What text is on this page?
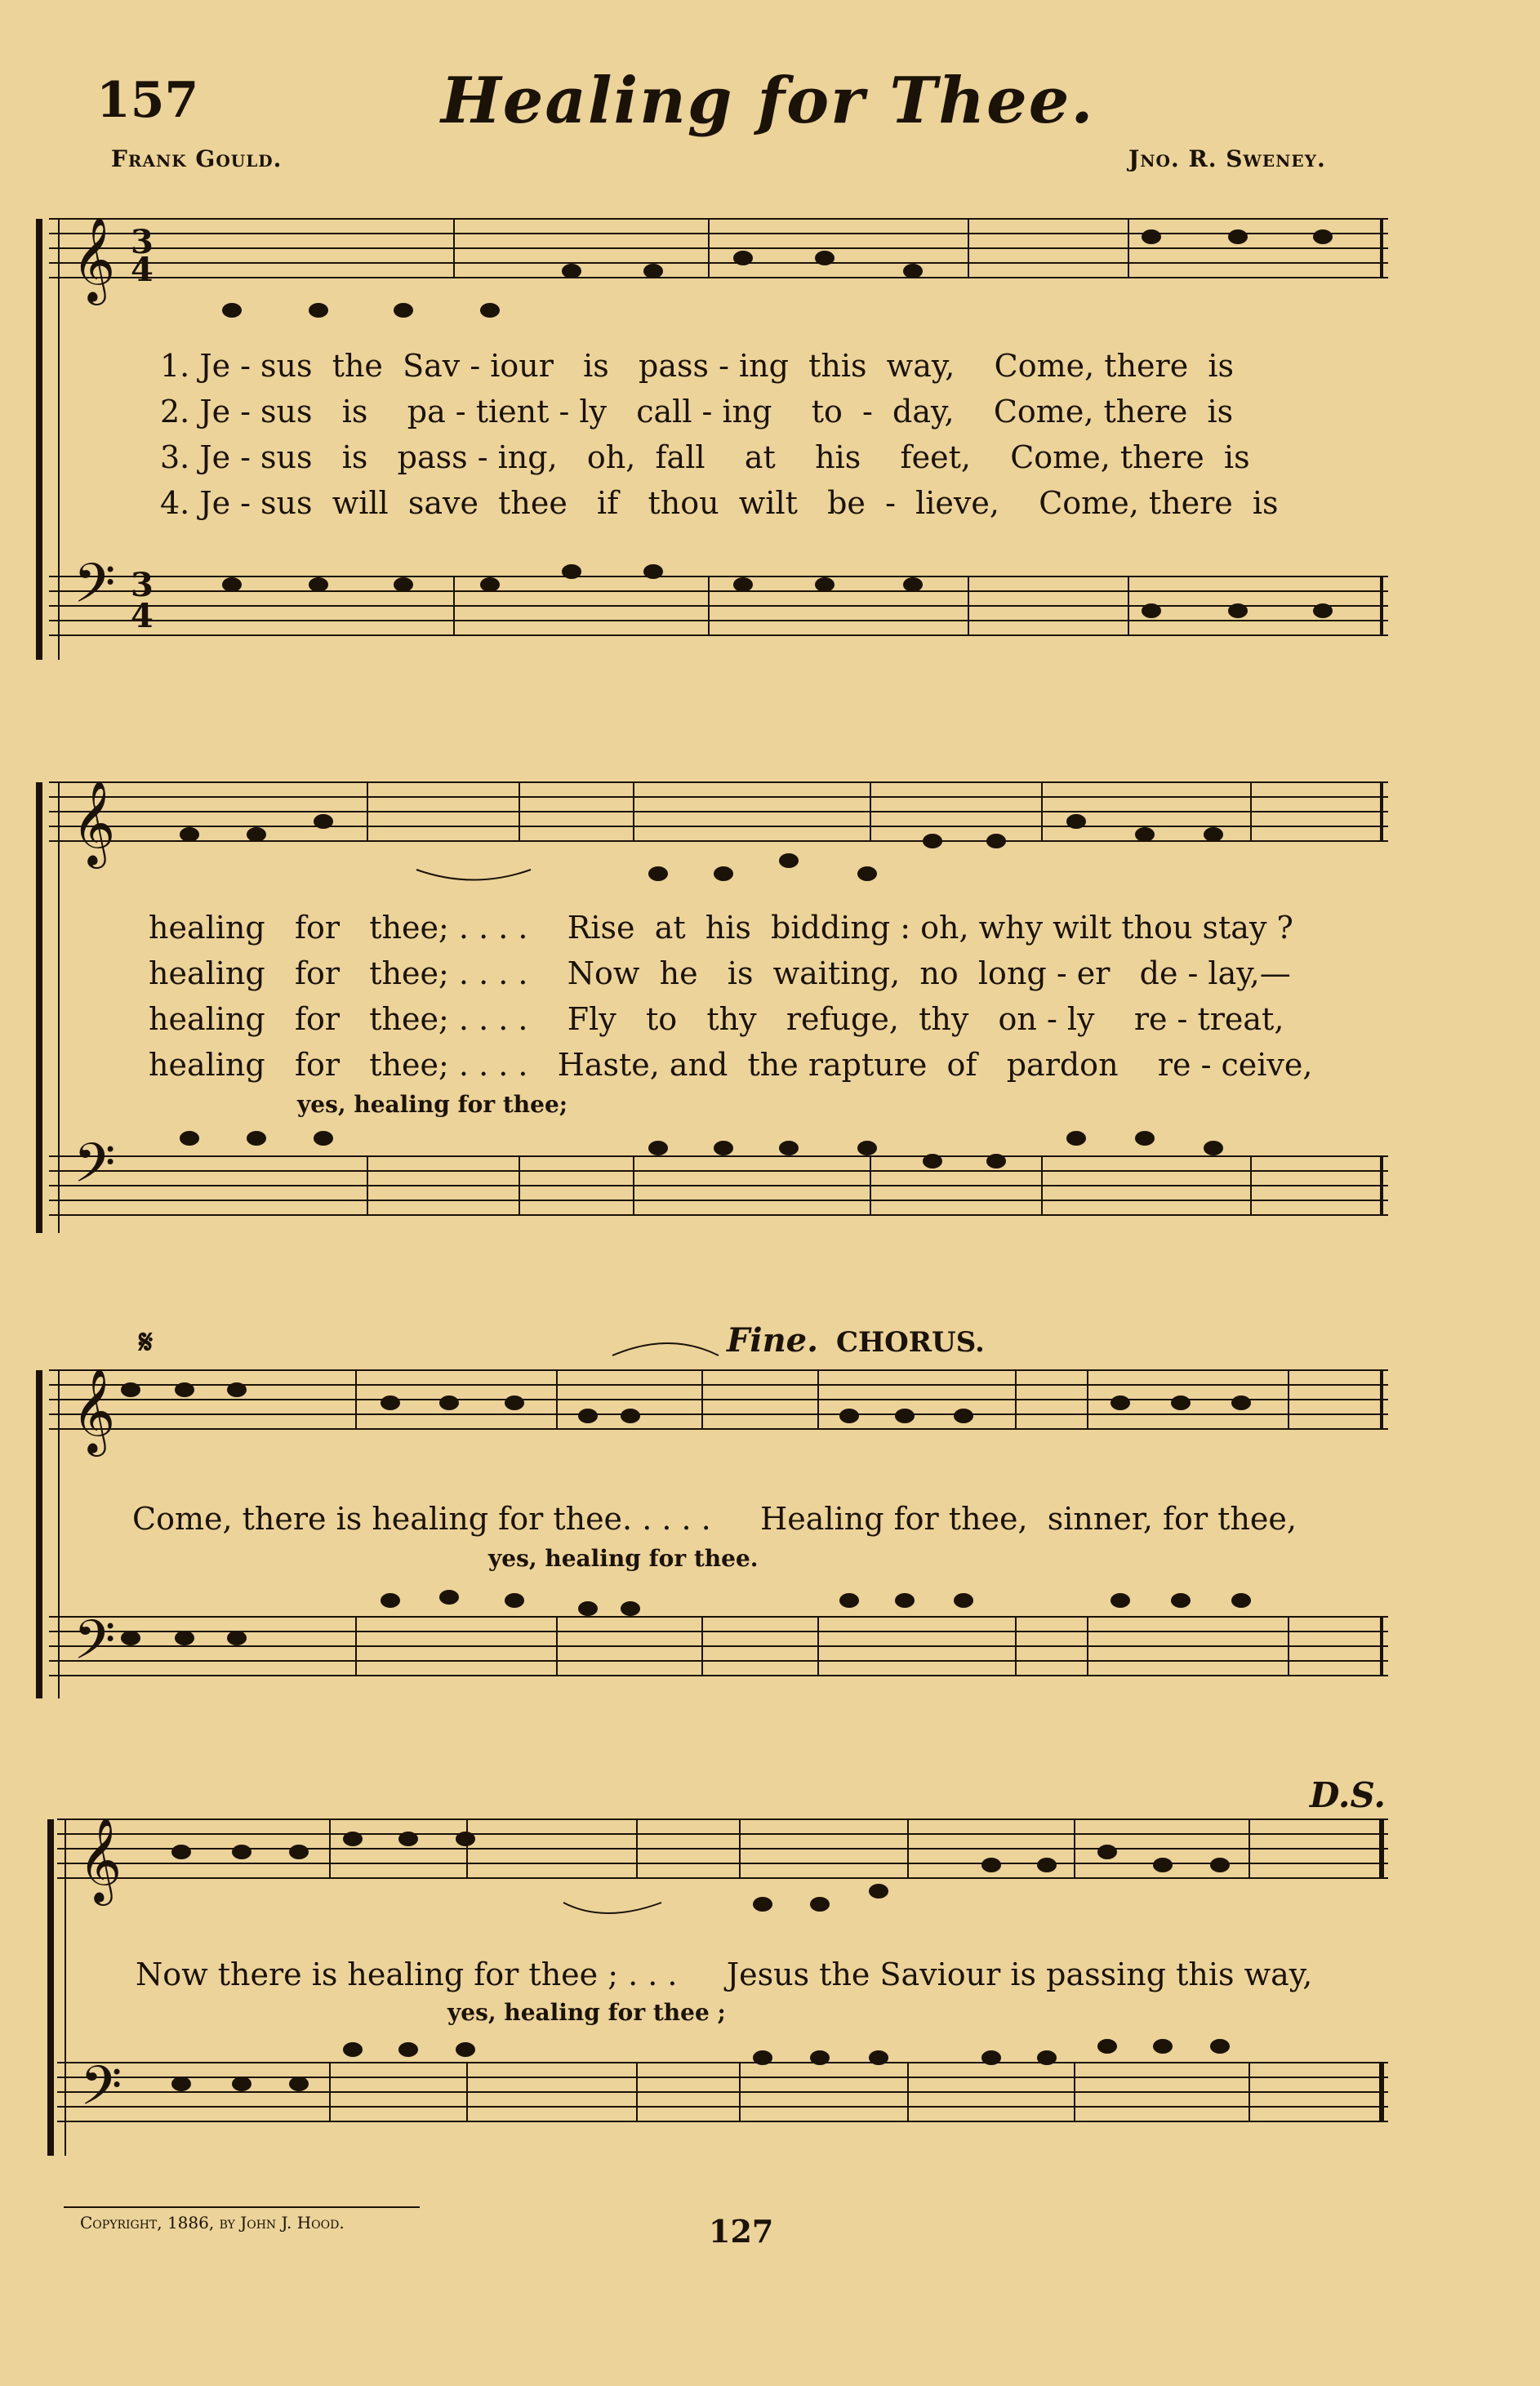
157	Healing for Thee.
Frank Gould.	Jno. R. Sweney.
𝄞 3
4
𝄢 3
4
1. Je - sus  the  Sav - iour   is   pass - ing  this  way,    Come, there  is
2. Je - sus   is    pa - tient - ly   call - ing    to  -  day,    Come, there  is
3. Je - sus   is   pass - ing,   oh,  fall    at    his    feet,    Come, there  is
4. Je - sus  will  save  thee   if   thou  wilt   be  -  lieve,    Come, there  is
𝄞
𝄢
healing   for   thee; . . . .    Rise  at  his  bidding : oh, why wilt thou stay ?
healing   for   thee; . . . .    Now  he   is  waiting,  no  long - er   de - lay,—
healing   for   thee; . . . .    Fly   to   thy   refuge,  thy   on - ly    re - treat,
healing   for   thee; . . . .   Haste, and  the rapture  of   pardon    re - ceive,
yes, healing for thee;
𝄞
𝄢
𝄋	Fine. CHORUS.
Come, there is healing for thee. . . . .     Healing for thee,  sinner, for thee,
yes, healing for thee.
𝄞
𝄢
D.S.
Now there is healing for thee ; . . .     Jesus the Saviour is passing this way,
yes, healing for thee ;
Copyright, 1886, by John J. Hood.	127
